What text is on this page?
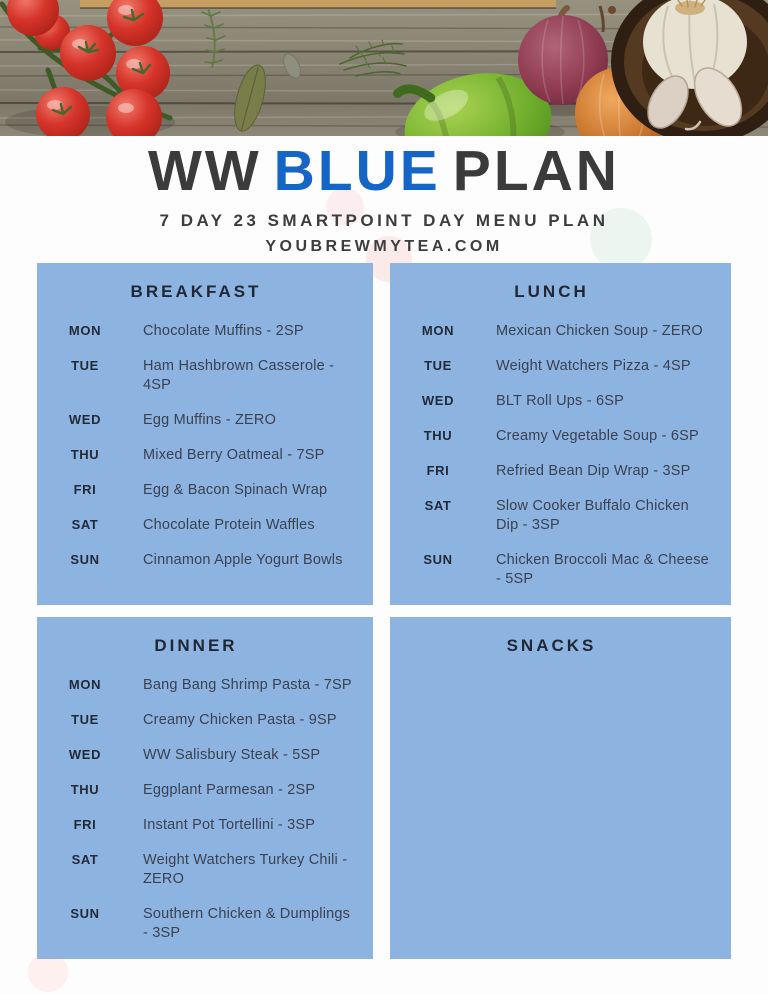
WW BLUE PLAN
7 DAY 23 SMARTPOINT DAY MENU PLAN
YOUBREWMYTEA.COM
BREAKFAST
MON	Chocolate Muffins - 2SP
TUE	Ham Hashbrown Casserole - 4SP
WED	Egg Muffins - ZERO
THU	Mixed Berry Oatmeal - 7SP
FRI	Egg & Bacon Spinach Wrap
SAT	Chocolate Protein Waffles
SUN	Cinnamon Apple Yogurt Bowls
LUNCH
MON	Mexican Chicken Soup - ZERO
TUE	Weight Watchers Pizza - 4SP
WED	BLT Roll Ups - 6SP
THU	Creamy Vegetable Soup - 6SP
FRI	Refried Bean Dip Wrap - 3SP
SAT	Slow Cooker Buffalo Chicken Dip - 3SP
SUN	Chicken Broccoli Mac & Cheese - 5SP
DINNER
MON	Bang Bang Shrimp Pasta - 7SP
TUE	Creamy Chicken Pasta - 9SP
WED	WW Salisbury Steak - 5SP
THU	Eggplant Parmesan - 2SP
FRI	Instant Pot Tortellini - 3SP
SAT	Weight Watchers Turkey Chili - ZERO
SUN	Southern Chicken & Dumplings - 3SP
SNACKS
